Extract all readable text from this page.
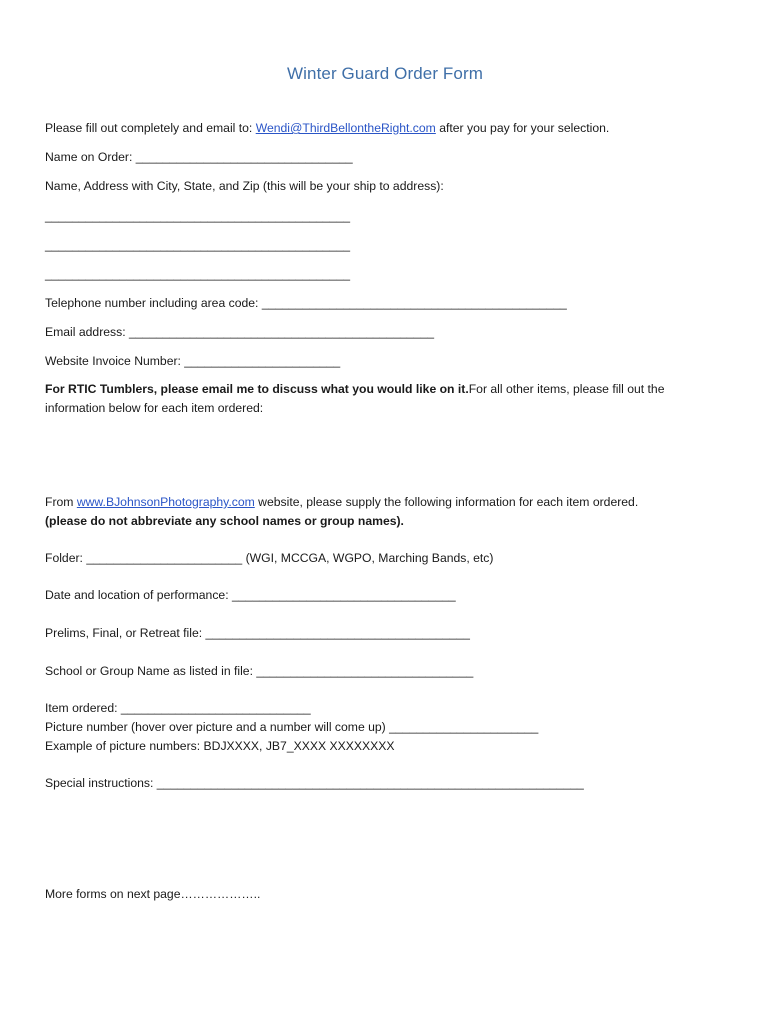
Winter Guard Order Form
Please fill out completely and email to: Wendi@ThirdBellontheRight.com after you pay for your selection.
Name on Order: ________________________________
Name, Address with City, State, and Zip (this will be your ship to address):
_____________________________________________
_____________________________________________
_____________________________________________
Telephone number including area code: _____________________________________________
Email address: _____________________________________________
Website Invoice Number: _______________________
For RTIC Tumblers, please email me to discuss what you would like on it.For all other items, please fill out the information below for each item ordered:
From www.BJohnsonPhotography.com website, please supply the following information for each item ordered.
(please do not abbreviate any school names or group names).
Folder: _______________________ (WGI, MCCGA, WGPO, Marching Bands, etc)
Date and location of performance: _________________________________
Prelims, Final, or Retreat file: _______________________________________
School or Group Name as listed in file: ________________________________
Item ordered: ____________________________
Picture number (hover over picture and a number will come up) ______________________
Example of picture numbers: BDJXXXX, JB7_XXXX XXXXXXXX
Special instructions: _______________________________________________________________
More forms on next page………………..
